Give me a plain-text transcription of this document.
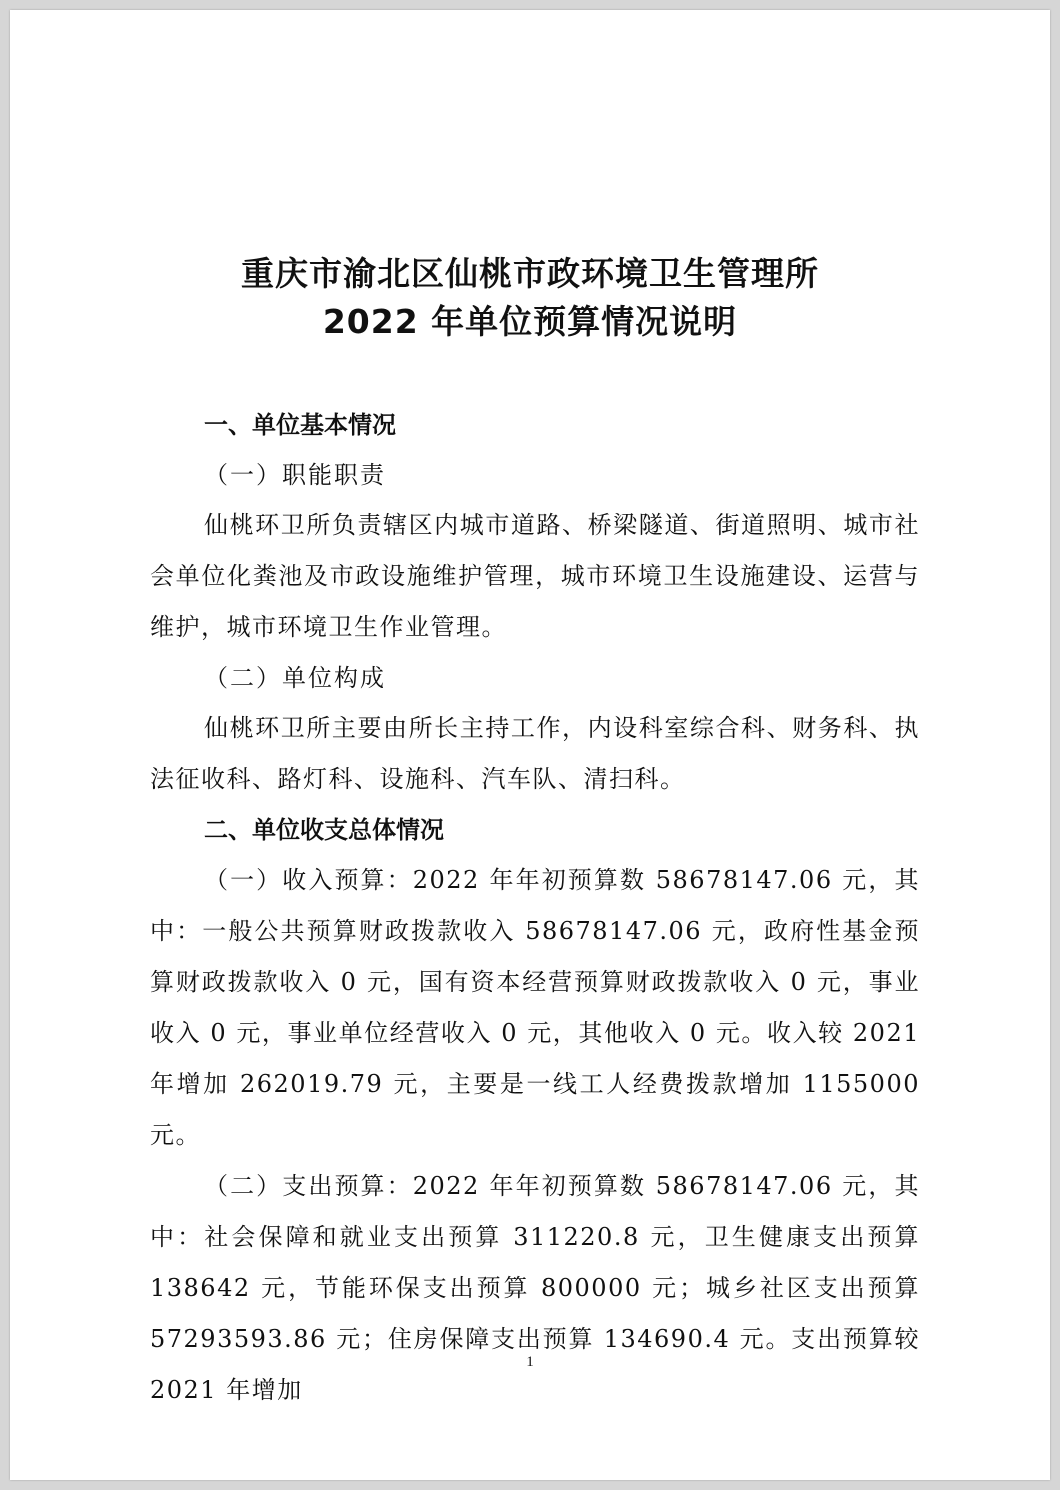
重庆市渝北区仙桃市政环境卫生管理所
2022 年单位预算情况说明
一、单位基本情况
（一）职能职责

仙桃环卫所负责辖区内城市道路、桥梁隧道、街道照明、城市社会单位化粪池及市政设施维护管理，城市环境卫生设施建设、运营与维护，城市环境卫生作业管理。

（二）单位构成

仙桃环卫所主要由所长主持工作，内设科室综合科、财务科、执法征收科、路灯科、设施科、汽车队、清扫科。

二、单位收支总体情况

（一）收入预算：2022 年年初预算数 58678147.06 元，其中：一般公共预算财政拨款收入 58678147.06 元，政府性基金预算财政拨款收入 0 元，国有资本经营预算财政拨款收入 0 元，事业收入 0 元，事业单位经营收入 0 元，其他收入 0 元。收入较 2021 年增加 262019.79 元，主要是一线工人经费拨款增加 1155000 元。

（二）支出预算：2022 年年初预算数 58678147.06 元，其中：社会保障和就业支出预算 311220.8 元，卫生健康支出预算 138642 元，节能环保支出预算 800000 元；城乡社区支出预算 57293593.86 元；住房保障支出预算 134690.4 元。支出预算较 2021 年增加

1
